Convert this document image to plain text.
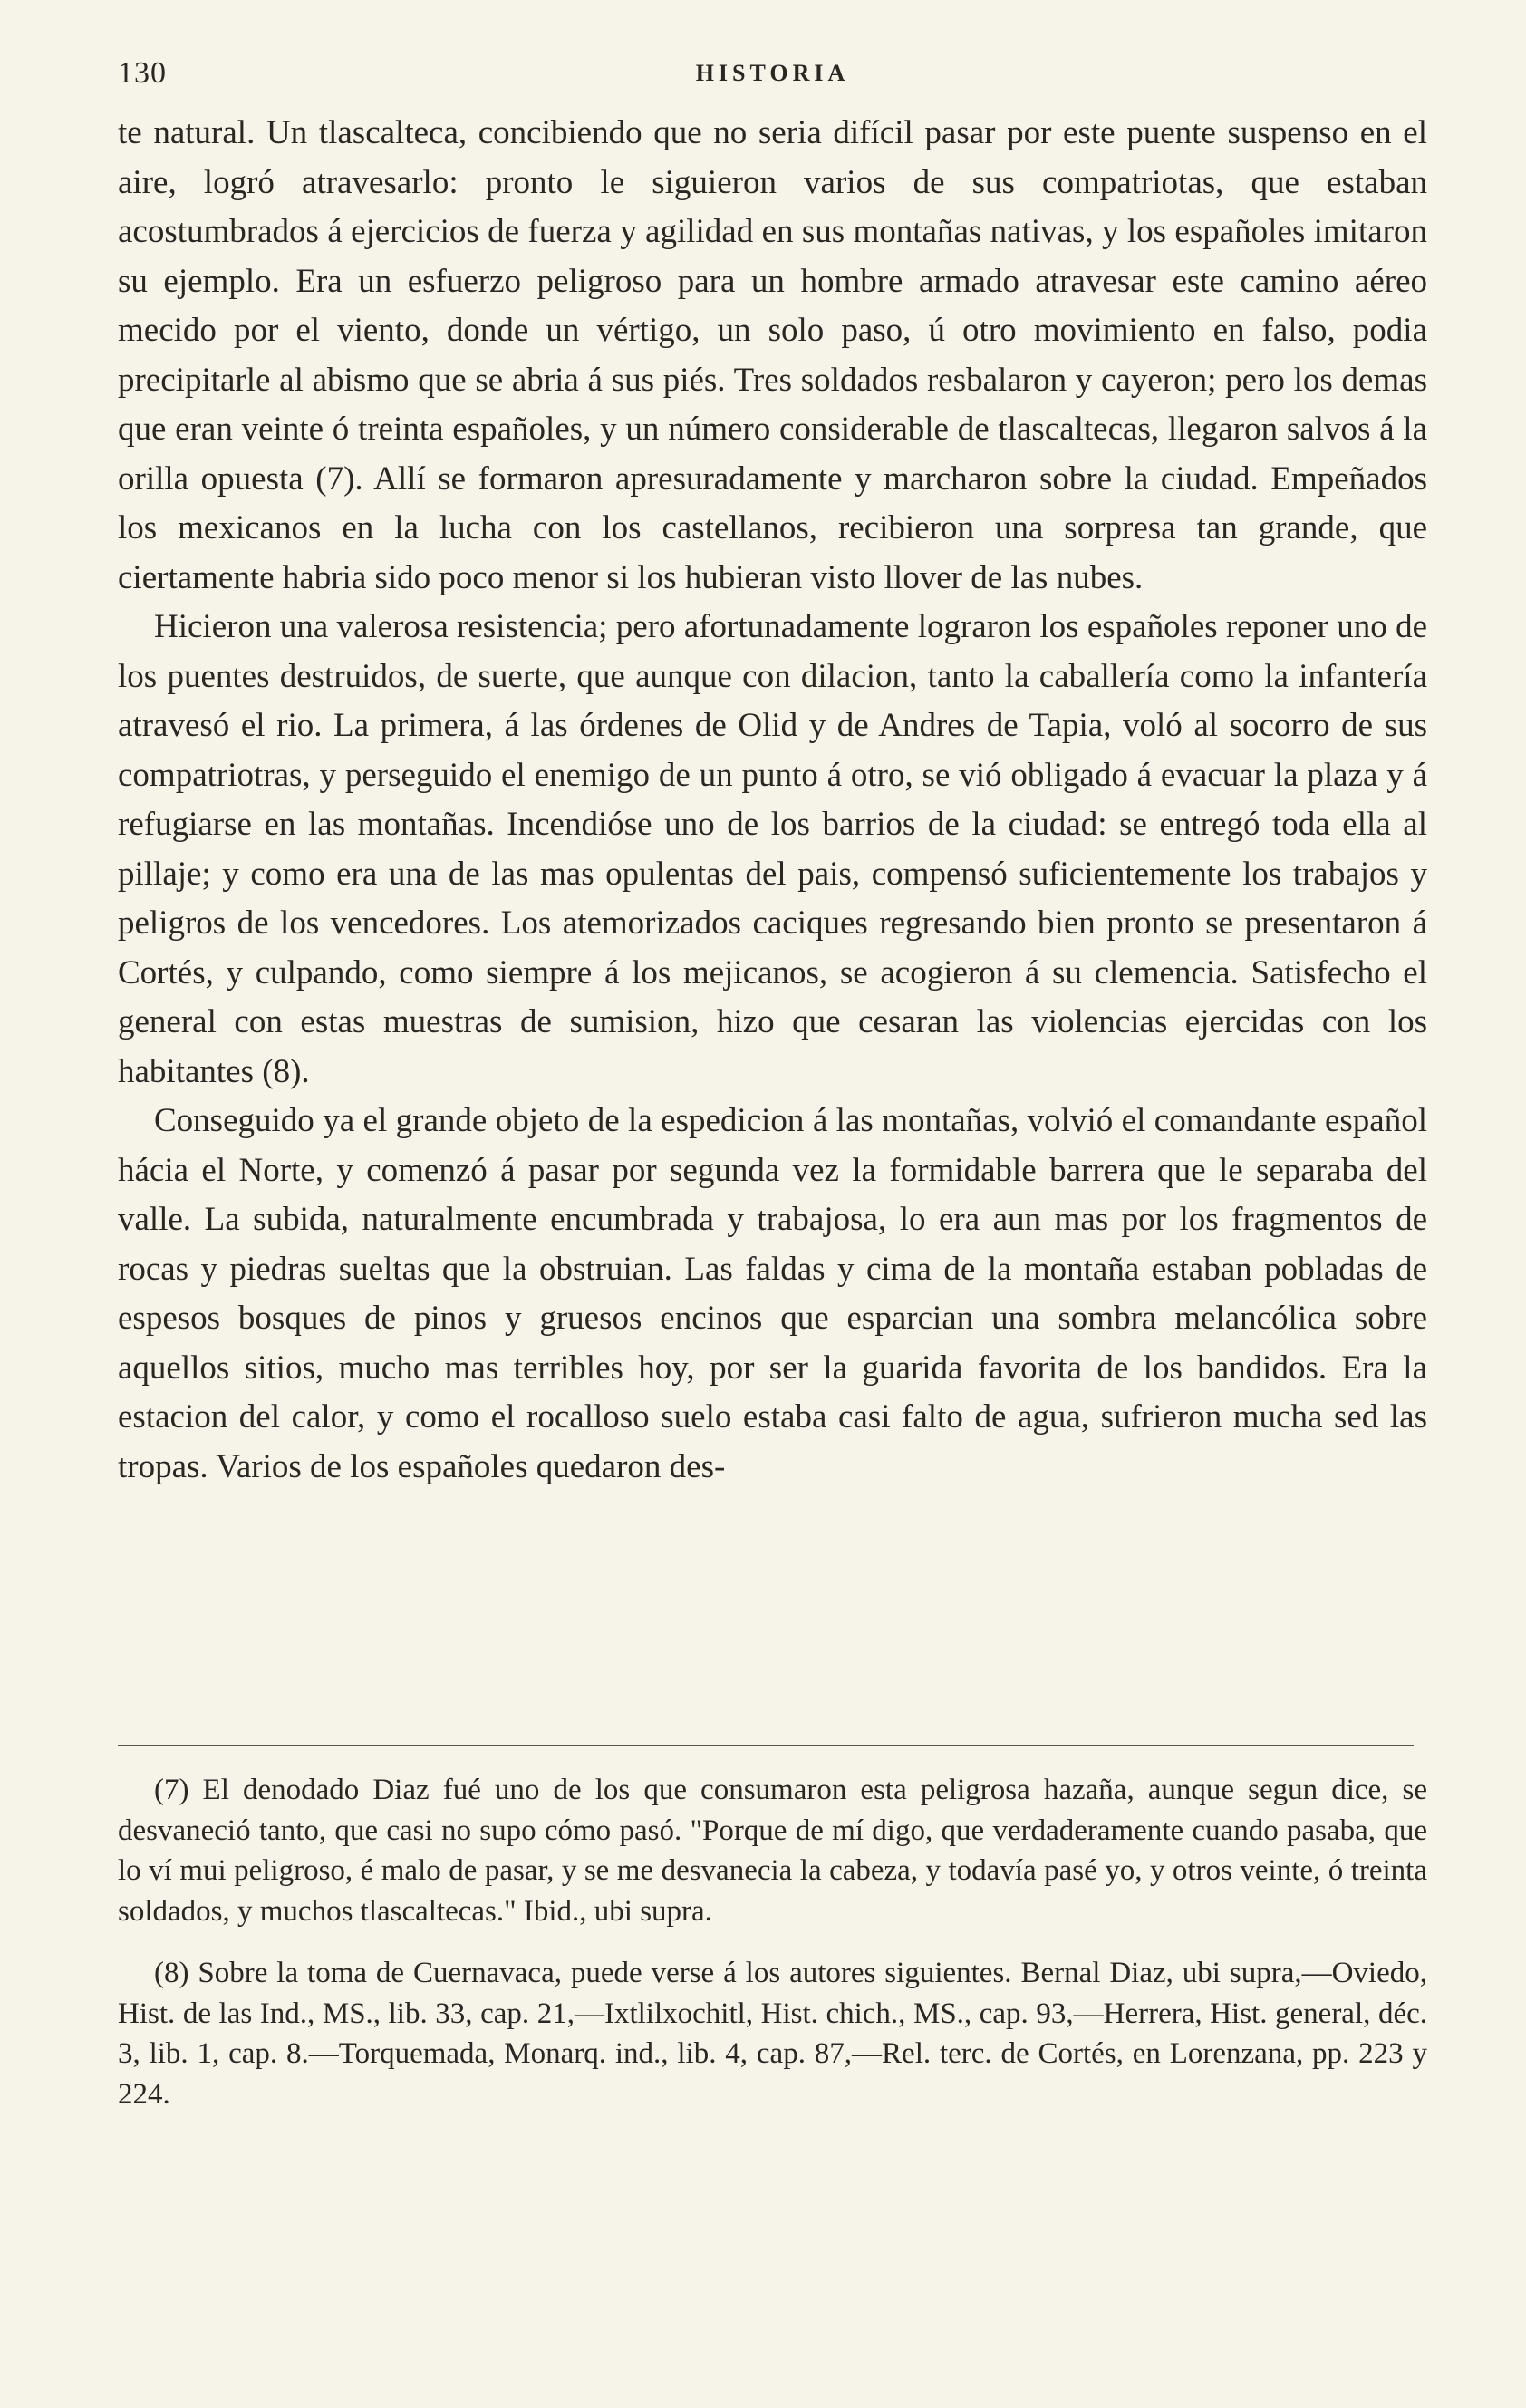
130	HISTORIA

te natural. Un tlascalteca, concibiendo que no seria difícil pasar por este puente suspenso en el aire, logró atravesarlo: pronto le siguieron varios de sus compatriotas, que estaban acostumbrados á ejercicios de fuerza y agilidad en sus montañas nativas, y los españoles imitaron su ejemplo. Era un esfuerzo peligroso para un hombre armado atravesar este camino aéreo mecido por el viento, donde un vértigo, un solo paso, ú otro movimiento en falso, podia precipitarle al abismo que se abria á sus piés. Tres soldados resbalaron y cayeron; pero los demas que eran veinte ó treinta españoles, y un número considerable de tlascaltecas, llegaron salvos á la orilla opuesta (7). Allí se formaron apresuradamente y marcharon sobre la ciudad. Empeñados los mexicanos en la lucha con los castellanos, recibieron una sorpresa tan grande, que ciertamente habria sido poco menor si los hubieran visto llover de las nubes.

Hicieron una valerosa resistencia; pero afortunadamente lograron los españoles reponer uno de los puentes destruidos, de suerte, que aunque con dilacion, tanto la caballería como la infantería atravesó el rio. La primera, á las órdenes de Olid y de Andres de Tapia, voló al socorro de sus compatriotras, y perseguido el enemigo de un punto á otro, se vió obligado á evacuar la plaza y á refugiarse en las montañas. Incendióse uno de los barrios de la ciudad: se entregó toda ella al pillaje; y como era una de las mas opulentas del pais, compensó suficientemente los trabajos y peligros de los vencedores. Los atemorizados caciques regresando bien pronto se presentaron á Cortés, y culpando, como siempre á los mejicanos, se acogieron á su clemencia. Satisfecho el general con estas muestras de sumision, hizo que cesaran las violencias ejercidas con los habitantes (8).

Conseguido ya el grande objeto de la espedicion á las montañas, volvió el comandante español hácia el Norte, y comenzó á pasar por segunda vez la formidable barrera que le separaba del valle. La subida, naturalmente encumbrada y trabajosa, lo era aun mas por los fragmentos de rocas y piedras sueltas que la obstruian. Las faldas y cima de la montaña estaban pobladas de espesos bosques de pinos y gruesos encinos que esparcian una sombra melancólica sobre aquellos sitios, mucho mas terribles hoy, por ser la guarida favorita de los bandidos. Era la estacion del calor, y como el rocalloso suelo estaba casi falto de agua, sufrieron mucha sed las tropas. Varios de los españoles quedaron des-

(7) El denodado Diaz fué uno de los que consumaron esta peligrosa hazaña, aunque segun dice, se desvaneció tanto, que casi no supo cómo pasó. "Porque de mí digo, que verdaderamente cuando pasaba, que lo ví mui peligroso, é malo de pasar, y se me desvanecia la cabeza, y todavía pasé yo, y otros veinte, ó treinta soldados, y muchos tlascaltecas." Ibid., ubi supra.

(8) Sobre la toma de Cuernavaca, puede verse á los autores siguientes. Bernal Diaz, ubi supra,—Oviedo, Hist. de las Ind., MS., lib. 33, cap. 21,—Ixtlilxochitl, Hist. chich., MS., cap. 93,—Herrera, Hist. general, déc. 3, lib. 1, cap. 8.—Torquemada, Monarq. ind., lib. 4, cap. 87,—Rel. terc. de Cortés, en Lorenzana, pp. 223 y 224.
